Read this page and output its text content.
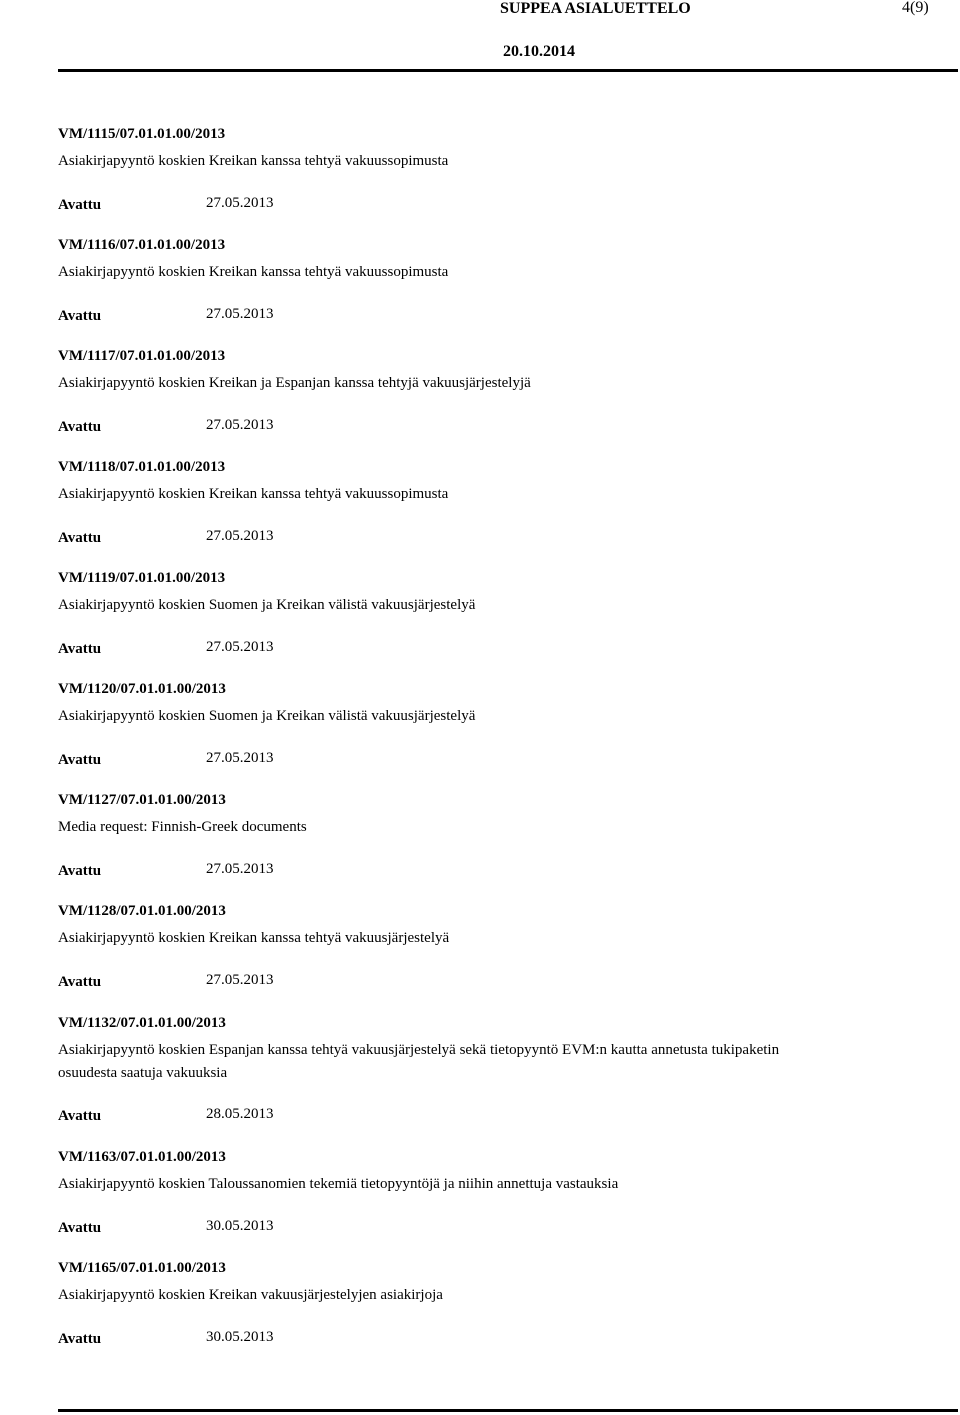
SUPPEA ASIALUETTELO	4(9)
20.10.2014
VM/1115/07.01.01.00/2013
Asiakirjapyyntö koskien Kreikan kanssa tehtyä vakuussopimusta
Avattu	27.05.2013
VM/1116/07.01.01.00/2013
Asiakirjapyyntö koskien Kreikan kanssa tehtyä vakuussopimusta
Avattu	27.05.2013
VM/1117/07.01.01.00/2013
Asiakirjapyyntö koskien Kreikan ja Espanjan kanssa tehtyjä vakuusjärjestelyjä
Avattu	27.05.2013
VM/1118/07.01.01.00/2013
Asiakirjapyyntö koskien Kreikan kanssa tehtyä vakuussopimusta
Avattu	27.05.2013
VM/1119/07.01.01.00/2013
Asiakirjapyyntö koskien Suomen ja Kreikan välistä vakuusjärjestelyä
Avattu	27.05.2013
VM/1120/07.01.01.00/2013
Asiakirjapyyntö koskien Suomen ja Kreikan välistä vakuusjärjestelyä
Avattu	27.05.2013
VM/1127/07.01.01.00/2013
Media request: Finnish-Greek documents
Avattu	27.05.2013
VM/1128/07.01.01.00/2013
Asiakirjapyyntö koskien Kreikan kanssa tehtyä vakuusjärjestelyä
Avattu	27.05.2013
VM/1132/07.01.01.00/2013
Asiakirjapyyntö koskien Espanjan kanssa tehtyä vakuusjärjestelyä sekä tietopyyntö EVM:n kautta annetusta tukipaketin osuudesta saatuja vakuuksia
Avattu	28.05.2013
VM/1163/07.01.01.00/2013
Asiakirjapyyntö koskien Taloussanomien tekemiä tietopyyntöjä ja niihin annettuja vastauksia
Avattu	30.05.2013
VM/1165/07.01.01.00/2013
Asiakirjapyyntö koskien Kreikan vakuusjärjestelyjen asiakirjoja
Avattu	30.05.2013
